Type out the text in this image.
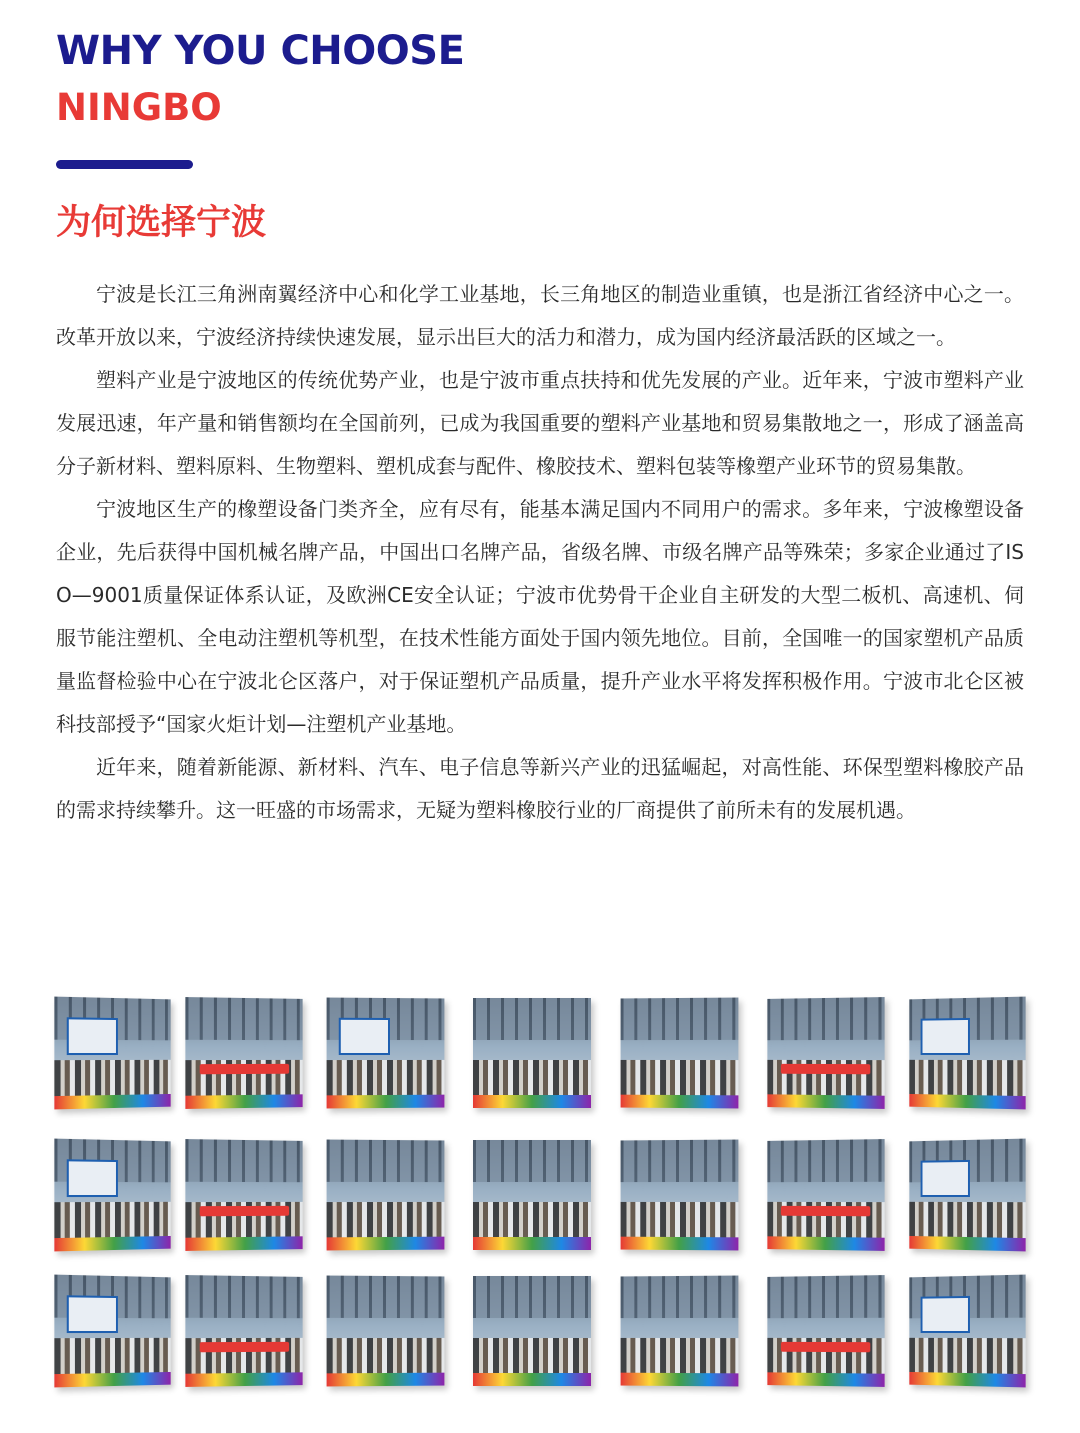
WHY YOU CHOOSE
NINGBO
为何选择宁波

宁波是长江三角洲南翼经济中心和化学工业基地，长三角地区的制造业重镇，也是浙江省经济中心之一。改革开放以来，宁波经济持续快速发展，显示出巨大的活力和潜力，成为国内经济最活跃的区域之一。

塑料产业是宁波地区的传统优势产业，也是宁波市重点扶持和优先发展的产业。近年来，宁波市塑料产业发展迅速，年产量和销售额均在全国前列，已成为我国重要的塑料产业基地和贸易集散地之一，形成了涵盖高分子新材料、塑料原料、生物塑料、塑机成套与配件、橡胶技术、塑料包装等橡塑产业环节的贸易集散。

宁波地区生产的橡塑设备门类齐全，应有尽有，能基本满足国内不同用户的需求。多年来，宁波橡塑设备企业，先后获得中国机械名牌产品，中国出口名牌产品，省级名牌、市级名牌产品等殊荣；多家企业通过了ISO—9001质量保证体系认证，及欧洲CE安全认证；宁波市优势骨干企业自主研发的大型二板机、高速机、伺服节能注塑机、全电动注塑机等机型，在技术性能方面处于国内领先地位。目前，全国唯一的国家塑机产品质量监督检验中心在宁波北仑区落户，对于保证塑机产品质量，提升产业水平将发挥积极作用。宁波市北仑区被科技部授予“国家火炬计划—注塑机产业基地。

近年来，随着新能源、新材料、汽车、电子信息等新兴产业的迅猛崛起，对高性能、环保型塑料橡胶产品的需求持续攀升。这一旺盛的市场需求，无疑为塑料橡胶行业的厂商提供了前所未有的发展机遇。
